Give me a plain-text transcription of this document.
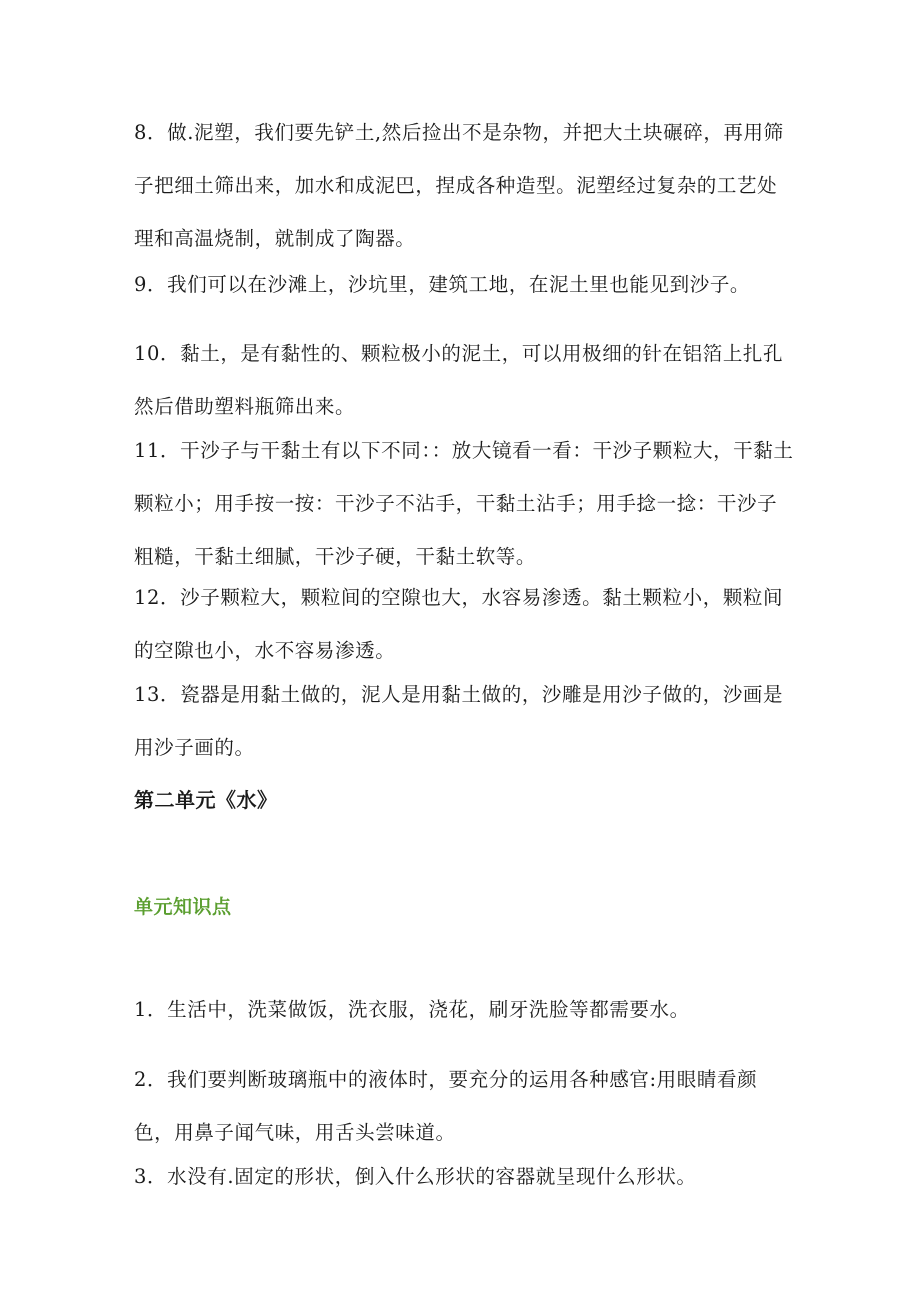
8．做.泥塑，我们要先铲土,然后捡出不是杂物，并把大土块碾碎，再用筛子把细土筛出来，加水和成泥巴，捏成各种造型。泥塑经过复杂的工艺处理和高温烧制，就制成了陶器。

9．我们可以在沙滩上，沙坑里，建筑工地，在泥土里也能见到沙子。

10．黏土，是有黏性的、颗粒极小的泥土，可以用极细的针在铝箔上扎孔然后借助塑料瓶筛出来。

11．干沙子与干黏土有以下不同：：放大镜看一看：干沙子颗粒大，干黏土颗粒小；用手按一按：干沙子不沾手，干黏土沾手；用手捻一捻：干沙子粗糙，干黏土细腻，干沙子硬，干黏土软等。

12．沙子颗粒大，颗粒间的空隙也大，水容易渗透。黏土颗粒小，颗粒间的空隙也小，水不容易渗透。

13．瓷器是用黏土做的，泥人是用黏土做的，沙雕是用沙子做的，沙画是用沙子画的。

第二单元《水》
单元知识点

1．生活中，洗菜做饭，洗衣服，浇花，刷牙洗脸等都需要水。

2．我们要判断玻璃瓶中的液体时，要充分的运用各种感官:用眼睛看颜色，用鼻子闻气味，用舌头尝味道。

3．水没有.固定的形状，倒入什么形状的容器就呈现什么形状。
